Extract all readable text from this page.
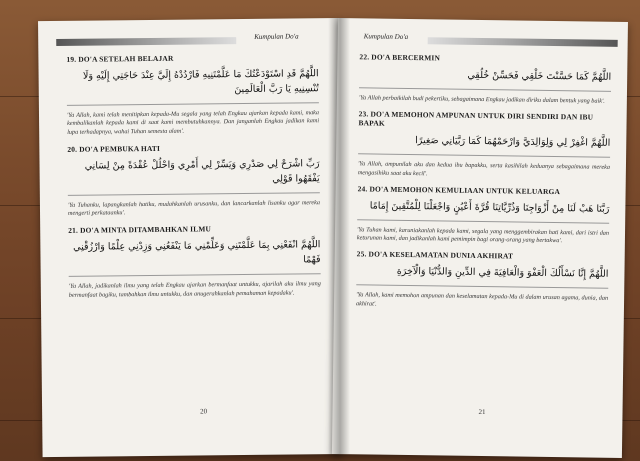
Kumpulan Do'a
19. DO'A SETELAH BELAJAR
اللَّهُمَّ قَدِ اسْتَوْدَعْتُكَ مَا عَلَّمْتَنِيهِ فَارْدُدْهُ إِلَيَّ عِنْدَ حَاجَتِي إِلَيْهِ وَلَا تُنْسِنِيهِ يَا رَبَّ الْعَالَمِينَ
'Ya Allah, kami telah menitipkan kepada-Mu segala yang telah Engkau ajarkan kepada kami, maka kembalikanlah kepada kami di saat kami membutuhkannya. Dan janganlah Engkau jadikan kami lupa terhadapnya, wahai Tuhan semesta alam'.
20. DO'A PEMBUKA HATI
رَبِّ اشْرَحْ لِي صَدْرِي وَيَسِّرْ لِي أَمْرِي وَاحْلُلْ عُقْدَةً مِنْ لِسَانِي يَفْقَهُوا قَوْلِي
'Ya Tuhanku, lapangkanlah hatiku, mudahkanlah urusanku, dan lancarkanlah lisanku agar mereka mengerti perkataanku'.
21. DO'A MINTA DITAMBAHKAN ILMU
اللَّهُمَّ انْفَعْنِي بِمَا عَلَّمْتَنِي وَعَلِّمْنِي مَا يَنْفَعُنِي وَزِدْنِي عِلْمًا وَارْزُقْنِي فَهْمًا
'Ya Allah, jadikanlah ilmu yang telah Engkau ajarkan bermanfaat untukku, ajarilah aku ilmu yang bermanfaat bagiku, tambahkan ilmu untukku, dan anugerahkanlah pemahaman kepadaku'.
20
Kumpulan Do'a
22. DO'A BERCERMIN
اللَّهُمَّ كَمَا حَسَّنْتَ خَلْقِي فَحَسِّنْ خُلُقِي
'Ya Allah perbaikilah budi pekertiku, sebagaimana Engkau jadikan diriku dalam bentuk yang baik'.
23. DO'A MEMOHON AMPUNAN UNTUK DIRI SENDIRI DAN IBU BAPAK
اللَّهُمَّ اغْفِرْ لِي وَلِوَالِدَيَّ وَارْحَمْهُمَا كَمَا رَبَّيَانِي صَغِيرًا
'Ya Allah, ampunilah aku dan kedua ibu bapakku, serta kasihilah keduanya sebagaimana mereka mengasihiku saat aku kecil'.
24. DO'A MEMOHON KEMULIAAN UNTUK KELUARGA
رَبَّنَا هَبْ لَنَا مِنْ أَزْوَاجِنَا وَذُرِّيَّاتِنَا قُرَّةَ أَعْيُنٍ وَاجْعَلْنَا لِلْمُتَّقِينَ إِمَامًا
'Ya Tuhan kami, karuniakanlah kepada kami, segala yang menggembirakan hati kami, dari istri dan keturunan kami, dan jadikanlah kami pemimpin bagi orang-orang yang bertakwa'.
25. DO'A KESELAMATAN DUNIA AKHIRAT
اللَّهُمَّ إِنَّا نَسْأَلُكَ الْعَفْوَ وَالْعَافِيَةَ فِي الدِّينِ وَالدُّنْيَا وَالْآخِرَةِ
'Ya Allah, kami memohon ampunan dan keselamatan kepada-Mu di dalam urusan agama, dunia, dan akhirat'.
21
